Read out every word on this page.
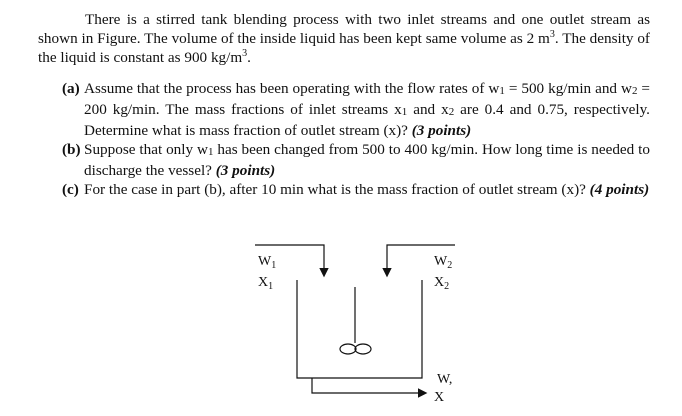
There is a stirred tank blending process with two inlet streams and one outlet stream as shown in Figure. The volume of the inside liquid has been kept same volume as 2 $m^3$. The density of the liquid is constant as 900 $kg/m^3$.
(a) Assume that the process has been operating with the flow rates of w1 = 500 kg/min and w2 = 200 kg/min. The mass fractions of inlet streams x1 and x2 are 0.4 and 0.75, respectively. Determine what is mass fraction of outlet stream (x)? (3 points)
(b) Suppose that only w1 has been changed from 500 to 400 kg/min. How long time is needed to discharge the vessel? (3 points)
(c) For the case in part (b), after 10 min what is the mass fraction of outlet stream (x)? (4 points)
$W_1$
$X_1$
$W_2$
$X_2$
W,
X
